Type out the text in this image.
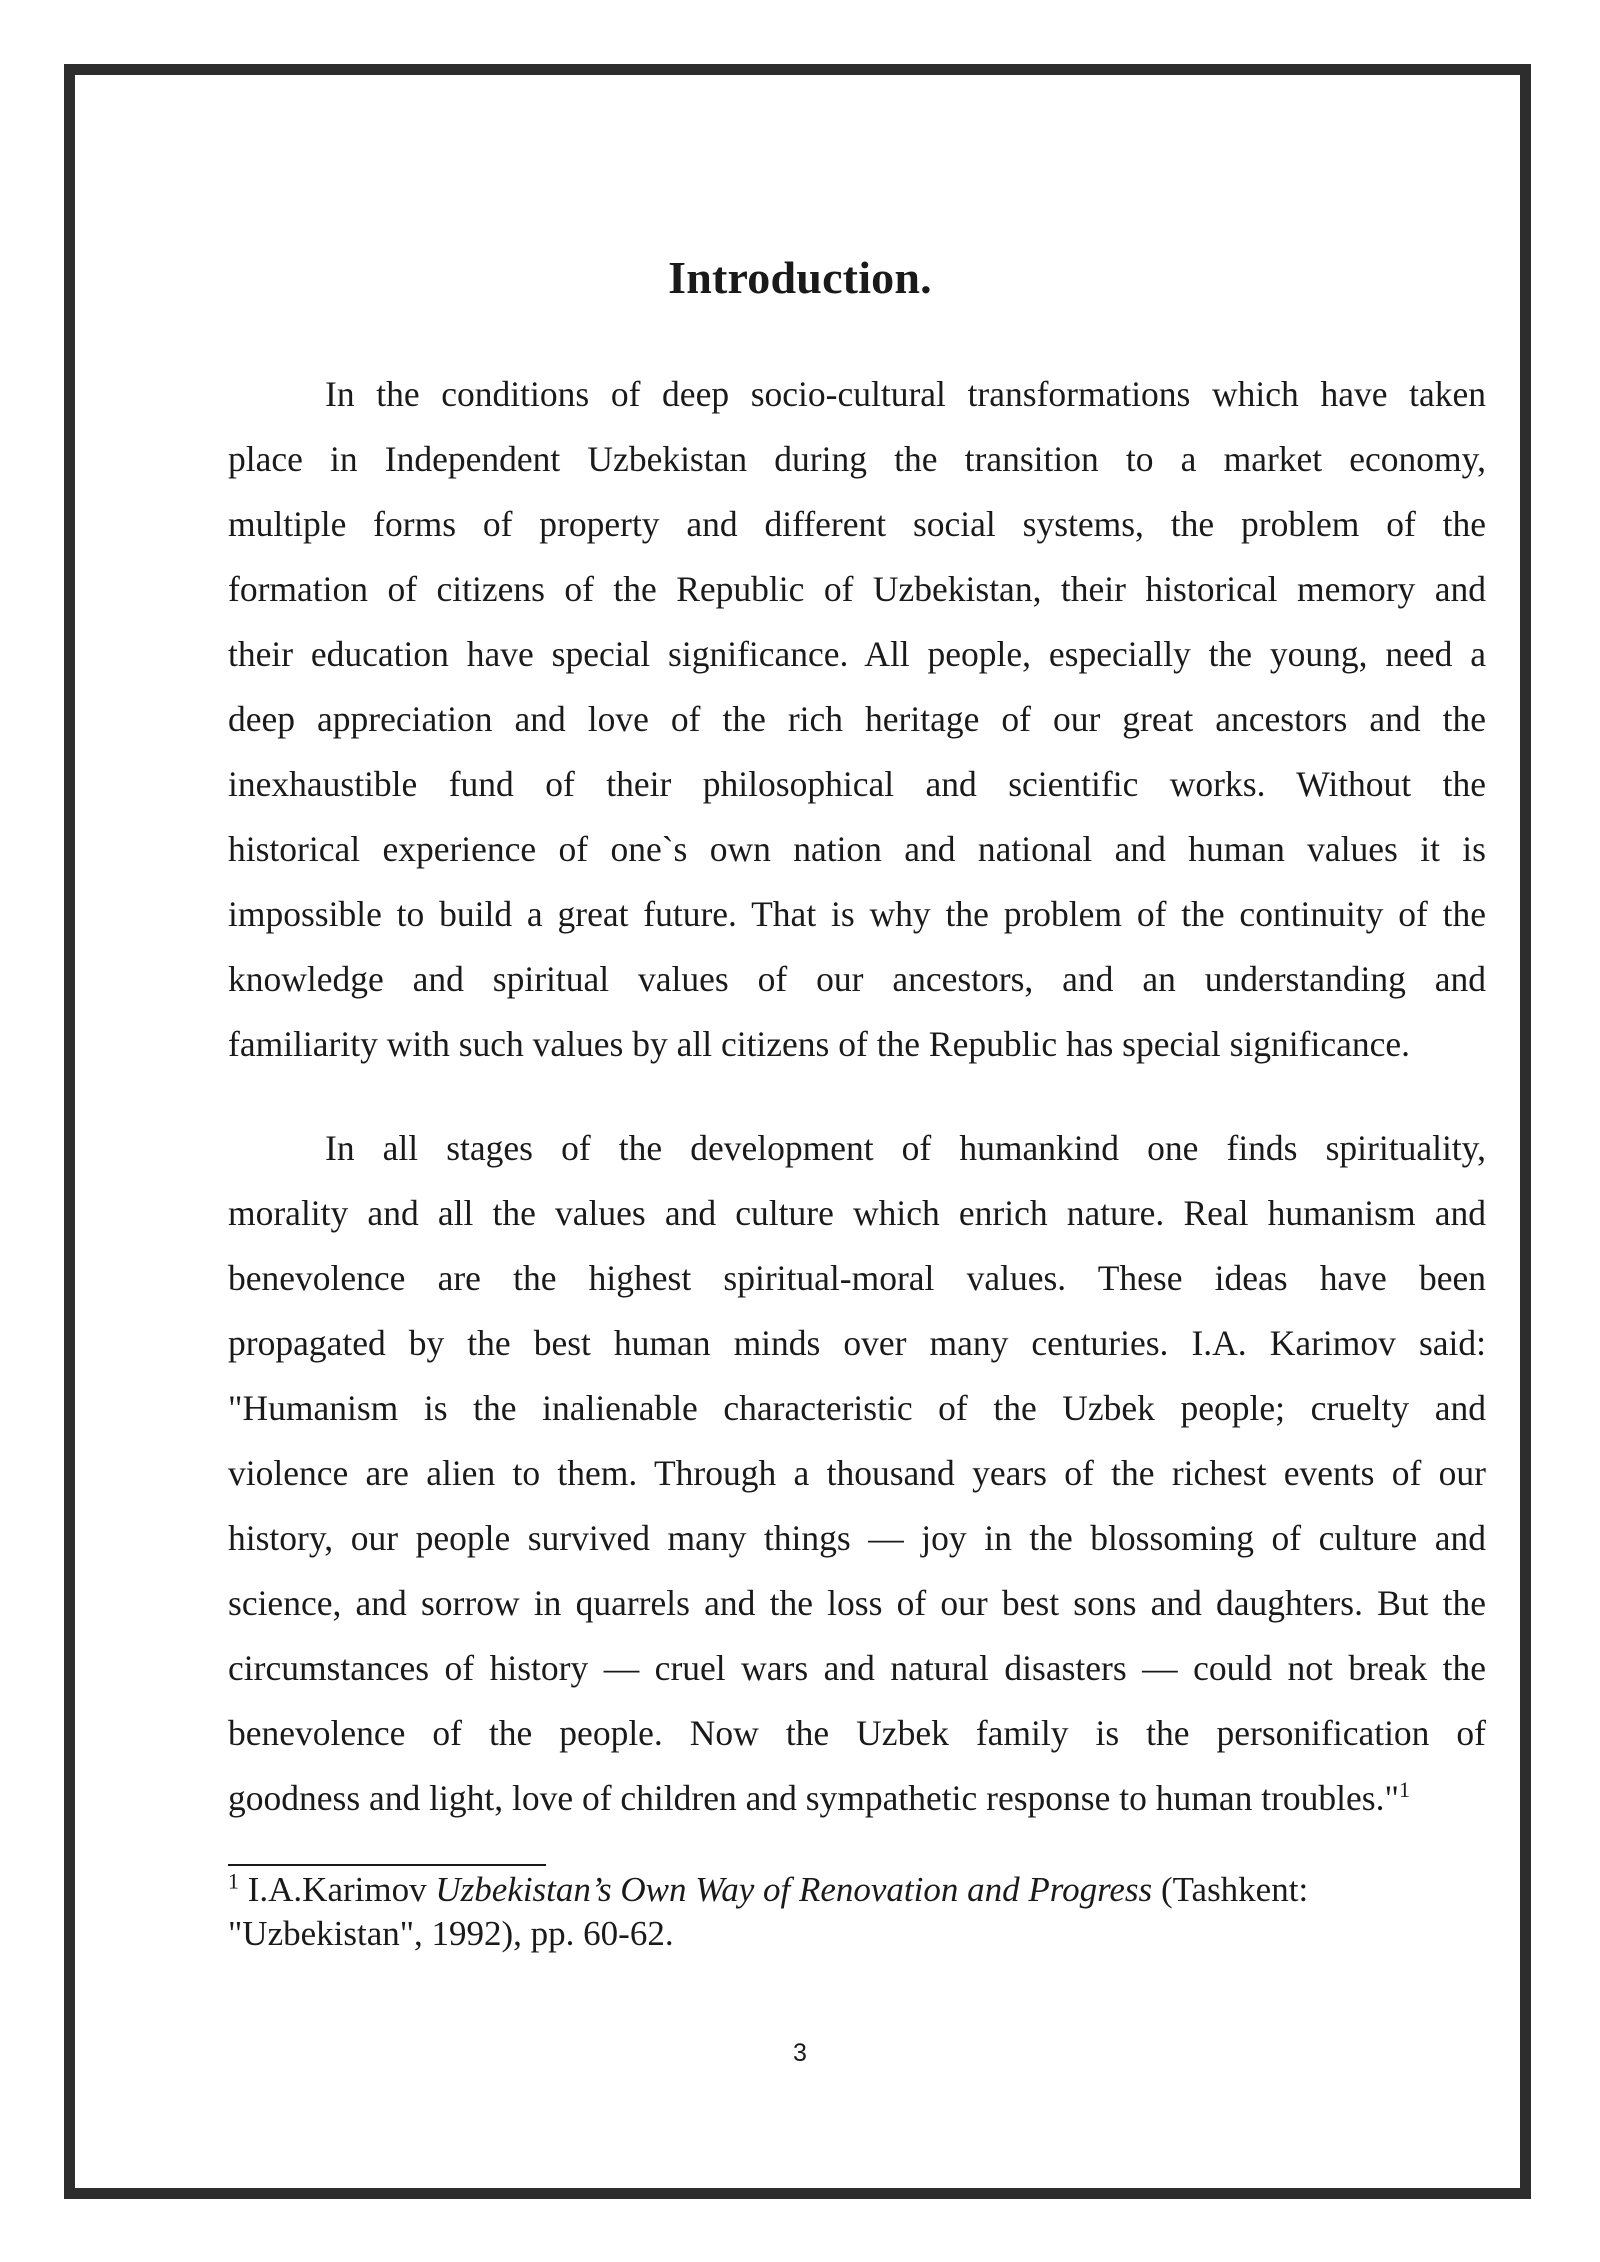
Introduction.

In the conditions of deep socio-cultural transformations which have taken
place in Independent Uzbekistan during the transition to a market economy,
multiple forms of property and different social systems, the problem of the
formation of citizens of the Republic of Uzbekistan, their historical memory and
their education have special significance. All people, especially the young, need a
deep appreciation and love of the rich heritage of our great ancestors and the
inexhaustible fund of their philosophical and scientific works. Without the
historical experience of one`s own nation and national and human values it is
impossible to build a great future. That is why the problem of the continuity of the
knowledge and spiritual values of our ancestors, and an understanding and
familiarity with such values by all citizens of the Republic has special significance.

In all stages of the development of humankind one finds spirituality,
morality and all the values and culture which enrich nature. Real humanism and
benevolence are the highest spiritual-moral values. These ideas have been
propagated by the best human minds over many centuries. I.A. Karimov said:
"Humanism is the inalienable characteristic of the Uzbek people; cruelty and
violence are alien to them. Through a thousand years of the richest events of our
history, our people survived many things — joy in the blossoming of culture and
science, and sorrow in quarrels and the loss of our best sons and daughters. But the
circumstances of history — cruel wars and natural disasters — could not break the
benevolence of the people. Now the Uzbek family is the personification of
goodness and light, love of children and sympathetic response to human troubles."$^1$

$^1$ I.A.Karimov Uzbekistan’s Own Way of Renovation and Progress (Tashkent:
"Uzbekistan", 1992), pp. 60-62.

3
